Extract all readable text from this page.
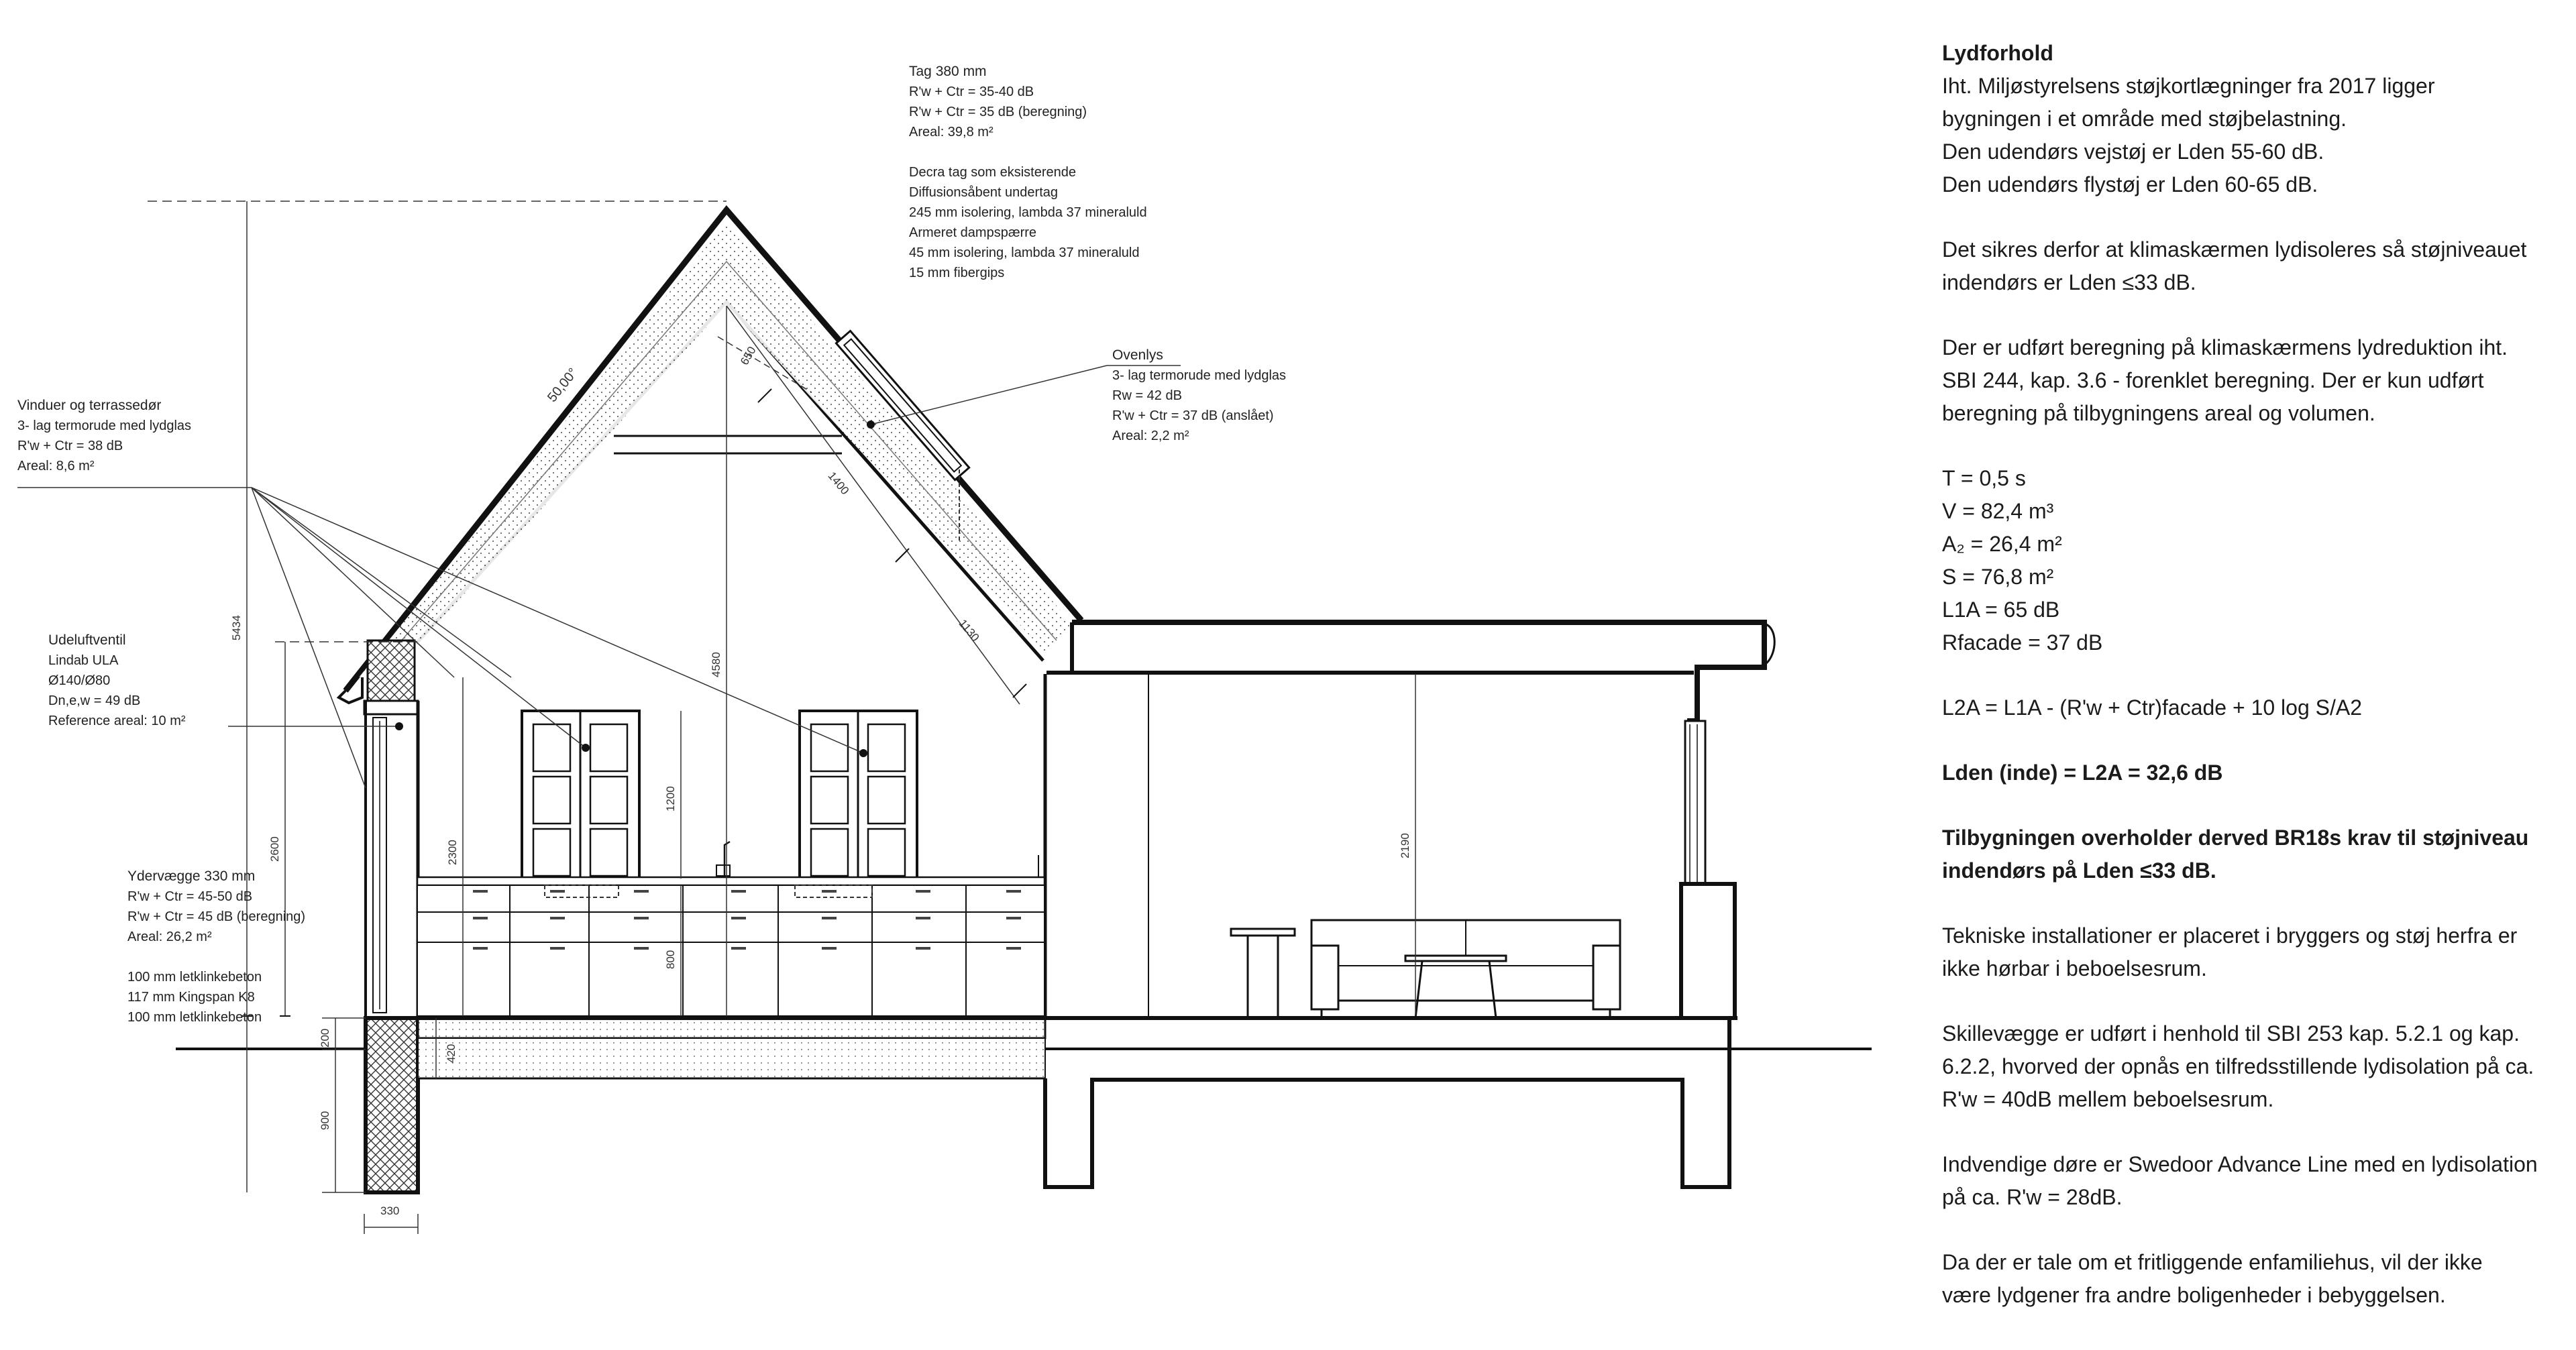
50,00°
650
1400
1130
5434
4580
2600	2300
1200
800
2190
200
420
900
330
Tag 380 mm
R'w + Ctr = 35-40 dB
R'w + Ctr = 35 dB (beregning)
Areal: 39,8 m²

Decra tag som eksisterende
Diffusionsåbent undertag
245 mm isolering, lambda 37 mineraluld
Armeret dampspærre
45 mm isolering, lambda 37 mineraluld
15 mm fibergips
Ovenlys
3- lag termorude med lydglas
Rw = 42 dB
R'w + Ctr = 37 dB (anslået)
Areal: 2,2 m²
Vinduer og terrassedør
3- lag termorude med lydglas
R'w + Ctr = 38 dB
Areal: 8,6 m²
Udeluftventil
Lindab ULA
Ø140/Ø80
Dn,e,w = 49 dB
Reference areal: 10 m²
Ydervægge 330 mm
R'w + Ctr = 45-50 dB
R'w + Ctr = 45 dB (beregning)
Areal: 26,2 m²

100 mm letklinkebeton
117 mm Kingspan K8
100 mm letklinkebeton

Lydforhold
Iht. Miljøstyrelsens støjkortlægninger fra 2017 ligger
bygningen i et område med støjbelastning.
Den udendørs vejstøj er Lden 55-60 dB.
Den udendørs flystøj er Lden 60-65 dB.

Det sikres derfor at klimaskærmen lydisoleres så støjniveauet
indendørs er Lden ≤33 dB.

Der er udført beregning på klimaskærmens lydreduktion iht.
SBI 244, kap. 3.6 - forenklet beregning. Der er kun udført
beregning på tilbygningens areal og volumen.

T = 0,5 s
V = 82,4 m³
A₂ = 26,4 m²
S = 76,8 m²
L1A = 65 dB
Rfacade = 37 dB

L2A = L1A - (R'w + Ctr)facade + 10 log S/A2

Lden (inde) = L2A = 32,6 dB

Tilbygningen overholder derved BR18s krav til støjniveau
indendørs på Lden ≤33 dB.

Tekniske installationer er placeret i bryggers og støj herfra er
ikke hørbar i beboelsesrum.

Skillevægge er udført i henhold til SBI 253 kap. 5.2.1 og kap.
6.2.2, hvorved der opnås en tilfredsstillende lydisolation på ca.
R'w = 40dB mellem beboelsesrum.

Indvendige døre er Swedoor Advance Line med en lydisolation
på ca. R'w = 28dB.

Da der er tale om et fritliggende enfamiliehus, vil der ikke
være lydgener fra andre boligenheder i bebyggelsen.
